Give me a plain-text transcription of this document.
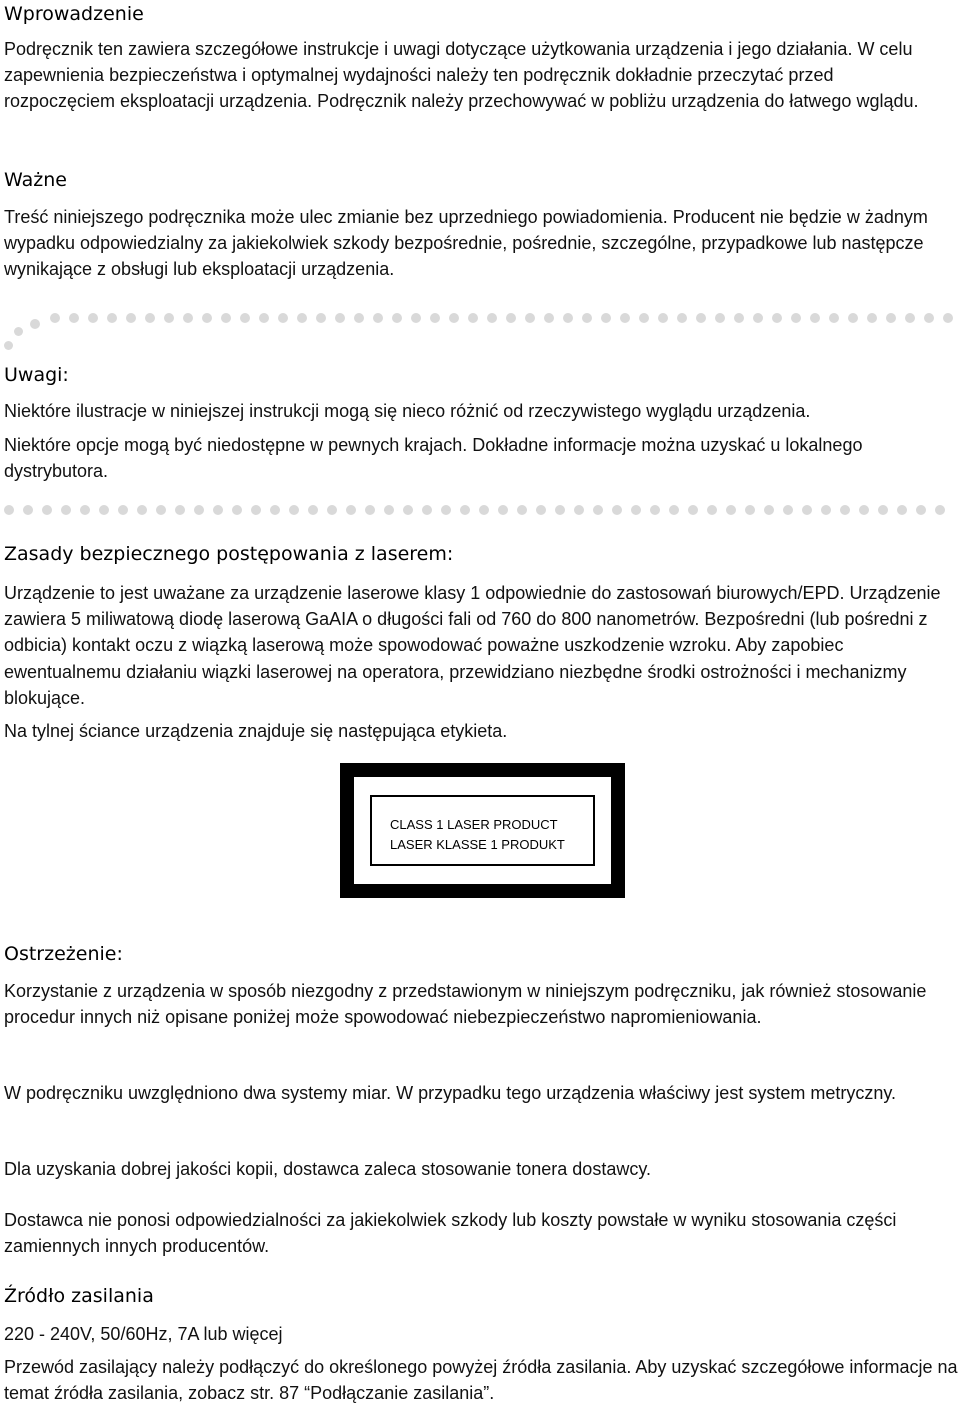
Wprowadzenie

Podręcznik ten zawiera szczegółowe instrukcje i uwagi dotyczące użytkowania urządzenia i jego działania. W celu zapewnienia bezpieczeństwa i optymalnej wydajności należy ten podręcznik dokładnie przeczytać przed rozpoczęciem eksploatacji urządzenia. Podręcznik należy przechowywać w pobliżu urządzenia do łatwego wglądu.

Ważne

Treść niniejszego podręcznika może ulec zmianie bez uprzedniego powiadomienia. Producent nie będzie w żadnym wypadku odpowiedzialny za jakiekolwiek szkody bezpośrednie, pośrednie, szczególne, przypadkowe lub następcze wynikające z obsługi lub eksploatacji urządzenia.

Uwagi:

Niektóre ilustracje w niniejszej instrukcji mogą się nieco różnić od rzeczywistego wyglądu urządzenia.

Niektóre opcje mogą być niedostępne w pewnych krajach. Dokładne informacje można uzyskać u lokalnego dystrybutora.

Zasady bezpiecznego postępowania z laserem:

Urządzenie to jest uważane za urządzenie laserowe klasy 1 odpowiednie do zastosowań biurowych/EPD. Urządzenie zawiera 5 miliwatową diodę laserową GaAIA o długości fali od 760 do 800 nanometrów. Bezpośredni (lub pośredni z odbicia) kontakt oczu z wiązką laserową może spowodować poważne uszkodzenie wzroku. Aby zapobiec ewentualnemu działaniu wiązki laserowej na operatora, przewidziano niezbędne środki ostrożności i mechanizmy blokujące.

Na tylnej ściance urządzenia znajduje się następująca etykieta.

CLASS 1 LASER PRODUCT
LASER KLASSE 1 PRODUKT
Ostrzeżenie:

Korzystanie z urządzenia w sposób niezgodny z przedstawionym w niniejszym podręczniku, jak również stosowanie procedur innych niż opisane poniżej może spowodować niebezpieczeństwo napromieniowania.

W podręczniku uwzględniono dwa systemy miar. W przypadku tego urządzenia właściwy jest system metryczny.

Dla uzyskania dobrej jakości kopii, dostawca zaleca stosowanie tonera dostawcy.

Dostawca nie ponosi odpowiedzialności za jakiekolwiek szkody lub koszty powstałe w wyniku stosowania części zamiennych innych producentów.

Źródło zasilania

220 - 240V, 50/60Hz, 7A lub więcej

Przewód zasilający należy podłączyć do określonego powyżej źródła zasilania. Aby uzyskać szczegółowe informacje na temat źródła zasilania, zobacz str. 87 “Podłączanie zasilania”.
